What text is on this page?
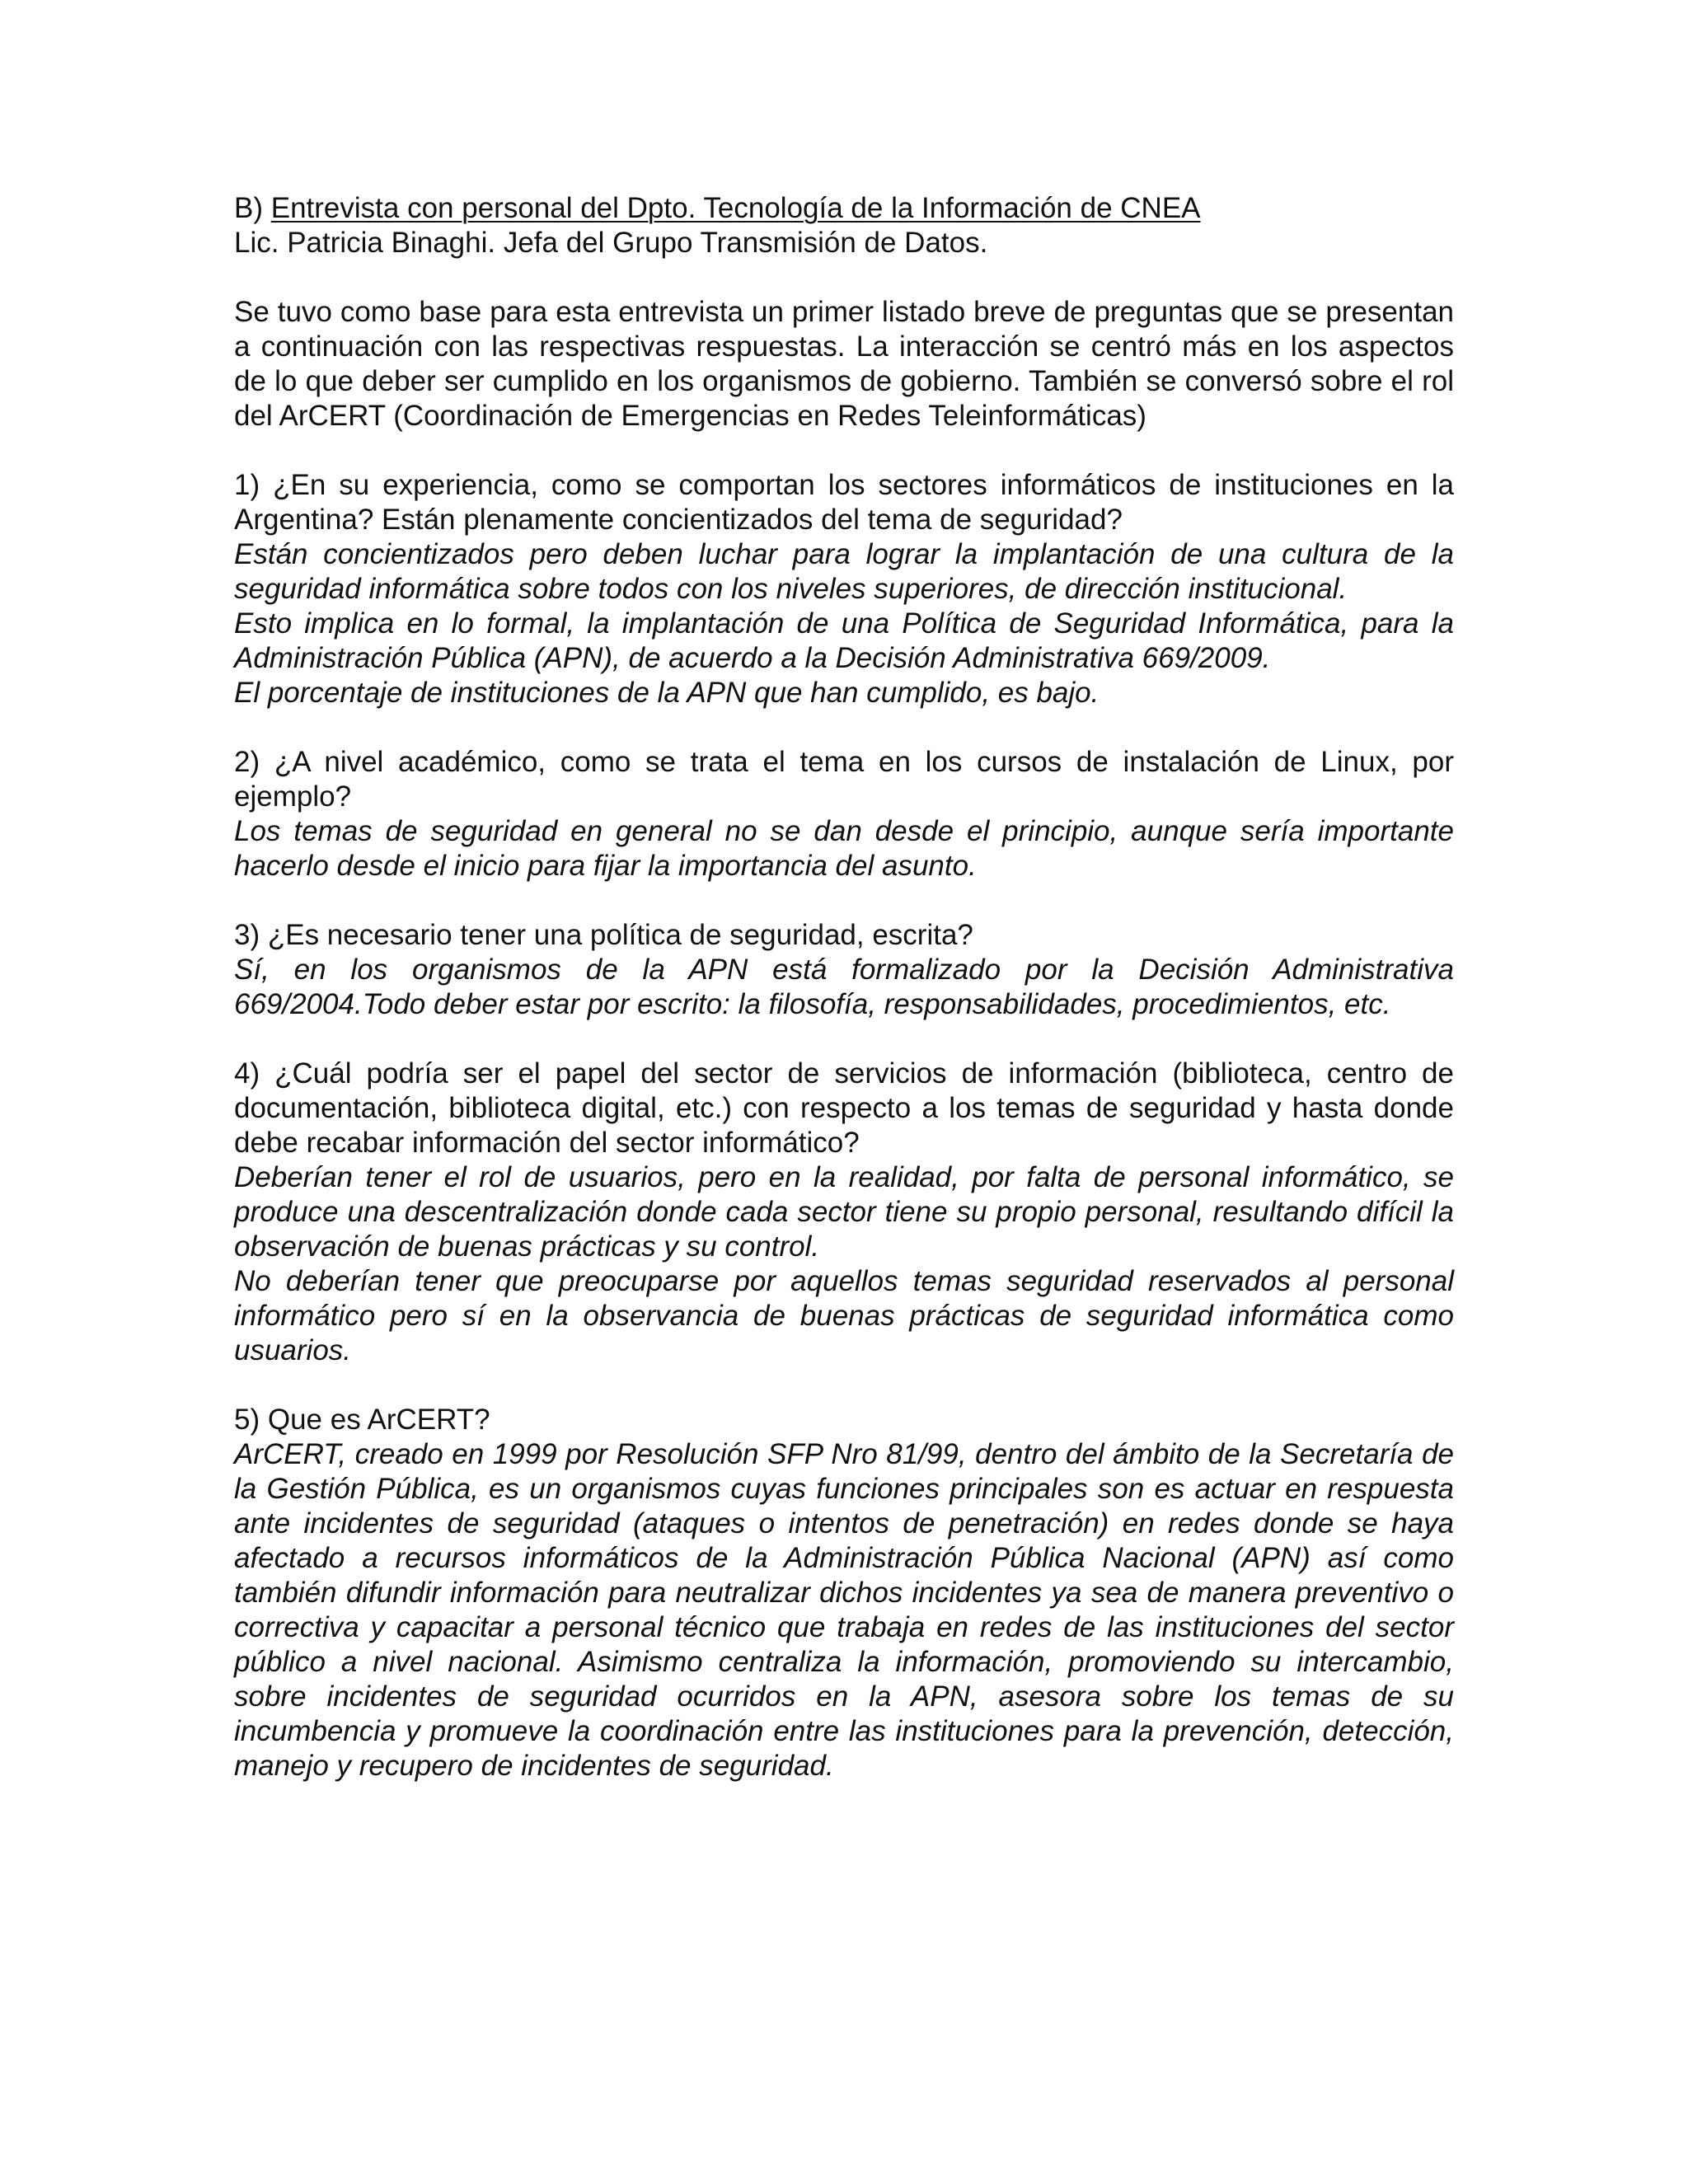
B) Entrevista con personal del Dpto. Tecnología de la Información de CNEA

Lic. Patricia Binaghi. Jefa del Grupo Transmisión de Datos.

Se tuvo como base para esta entrevista un primer listado breve de preguntas que se presentan a continuación con las respectivas respuestas. La interacción se centró más en los aspectos de lo que deber ser cumplido en los organismos de gobierno. También se conversó sobre el rol del ArCERT (Coordinación de Emergencias en Redes Teleinformáticas)

1) ¿En su experiencia, como se comportan los sectores informáticos de instituciones en la Argentina? Están plenamente concientizados del tema de seguridad?

Están concientizados pero deben luchar para lograr la implantación de una cultura de la seguridad informática sobre todos con los niveles superiores, de dirección institucional.

Esto implica en lo formal, la implantación de una Política de Seguridad Informática, para la Administración Pública (APN), de acuerdo a la Decisión Administrativa 669/2009.

El porcentaje de instituciones de la APN que han cumplido, es bajo.

2) ¿A nivel académico, como se trata el tema en los cursos de instalación de Linux, por ejemplo?

Los temas de seguridad en general no se dan desde el principio, aunque sería importante hacerlo desde el inicio para fijar la importancia del asunto.

3) ¿Es necesario tener una política de seguridad, escrita?

Sí, en los organismos de la APN está formalizado por la Decisión Administrativa 669/2004.Todo deber estar por escrito: la filosofía, responsabilidades, procedimientos, etc.

4) ¿Cuál podría ser el papel del sector de servicios de información (biblioteca, centro de documentación, biblioteca digital, etc.) con respecto a los temas de seguridad y hasta donde debe recabar información del sector informático?

Deberían tener el rol de usuarios, pero en la realidad, por falta de personal informático, se produce una descentralización donde cada sector tiene su propio personal, resultando difícil la observación de buenas prácticas y su control.

No deberían tener que preocuparse por aquellos temas seguridad reservados al personal informático pero sí en la observancia de buenas prácticas de seguridad informática como usuarios.

5) Que es ArCERT?

ArCERT, creado en 1999 por Resolución SFP Nro 81/99, dentro del ámbito de la Secretaría de la Gestión Pública, es un organismos cuyas funciones principales son es actuar en respuesta ante incidentes de seguridad (ataques o intentos de penetración) en redes donde se haya afectado a recursos informáticos de la Administración Pública Nacional (APN) así como también difundir información para neutralizar dichos incidentes ya sea de manera preventivo o correctiva y capacitar a personal técnico que trabaja en redes de las instituciones del sector público a nivel nacional. Asimismo centraliza la información, promoviendo su intercambio, sobre incidentes de seguridad ocurridos en la APN, asesora sobre los temas de su incumbencia y promueve la coordinación entre las instituciones para la prevención, detección, manejo y recupero de incidentes de seguridad.
